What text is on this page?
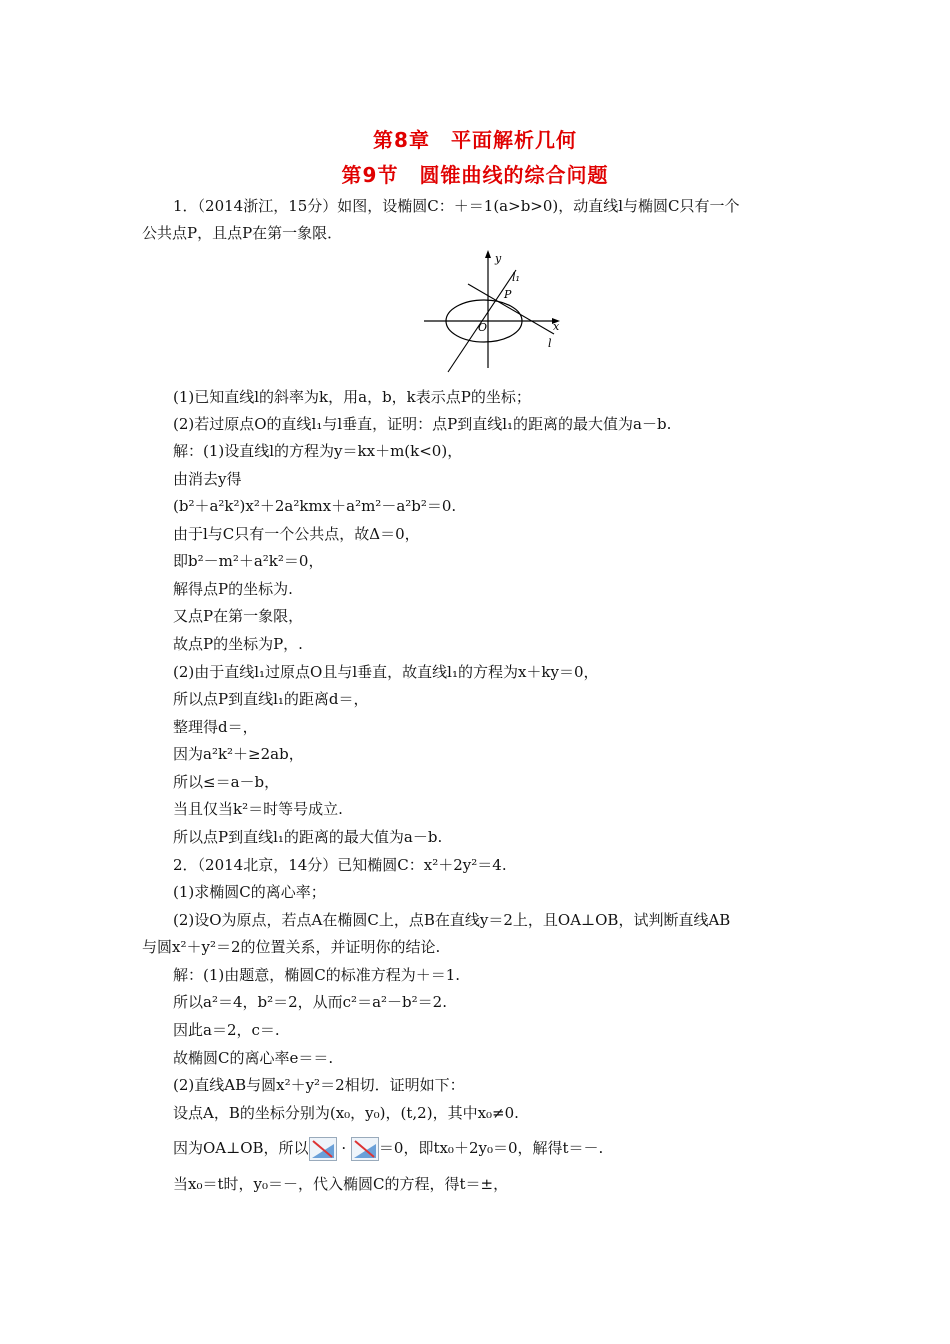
第8章　平面解析几何
第9节　圆锥曲线的综合问题
1．（2014浙江，15分）如图，设椭圆C：＋＝1(a>b>0)，动直线l与椭圆C只有一个
公共点P，且点P在第一象限．
y
x
l₁
P
O
l
(1)已知直线l的斜率为k，用a，b，k表示点P的坐标；
(2)若过原点O的直线l₁与l垂直，证明：点P到直线l₁的距离的最大值为a－b.
解：(1)设直线l的方程为y＝kx＋m(k<0)，
由消去y得
(b²＋a²k²)x²＋2a²kmx＋a²m²－a²b²＝0.
由于l与C只有一个公共点，故Δ＝0，
即b²－m²＋a²k²＝0，
解得点P的坐标为.
又点P在第一象限，
故点P的坐标为P，.
(2)由于直线l₁过原点O且与l垂直，故直线l₁的方程为x＋ky＝0，
所以点P到直线l₁的距离d＝，
整理得d＝，
因为a²k²＋≥2ab，
所以≤＝a－b，
当且仅当k²＝时等号成立.
所以点P到直线l₁的距离的最大值为a－b.
2．（2014北京，14分）已知椭圆C：x²＋2y²＝4.
(1)求椭圆C的离心率；
(2)设O为原点，若点A在椭圆C上，点B在直线y＝2上，且OA⊥OB，试判断直线AB
与圆x²＋y²＝2的位置关系，并证明你的结论.
解：(1)由题意，椭圆C的标准方程为＋＝1.
所以a²＝4，b²＝2，从而c²＝a²－b²＝2.
因此a＝2，c＝.
故椭圆C的离心率e＝＝.
(2)直线AB与圆x²＋y²＝2相切．证明如下：
设点A，B的坐标分别为(x₀，y₀)，(t,2)，其中x₀≠0.
因为OA⊥OB，所以 · ＝0，即tx₀＋2y₀＝0，解得t＝－.
当x₀＝t时，y₀＝－，代入椭圆C的方程，得t＝±，
